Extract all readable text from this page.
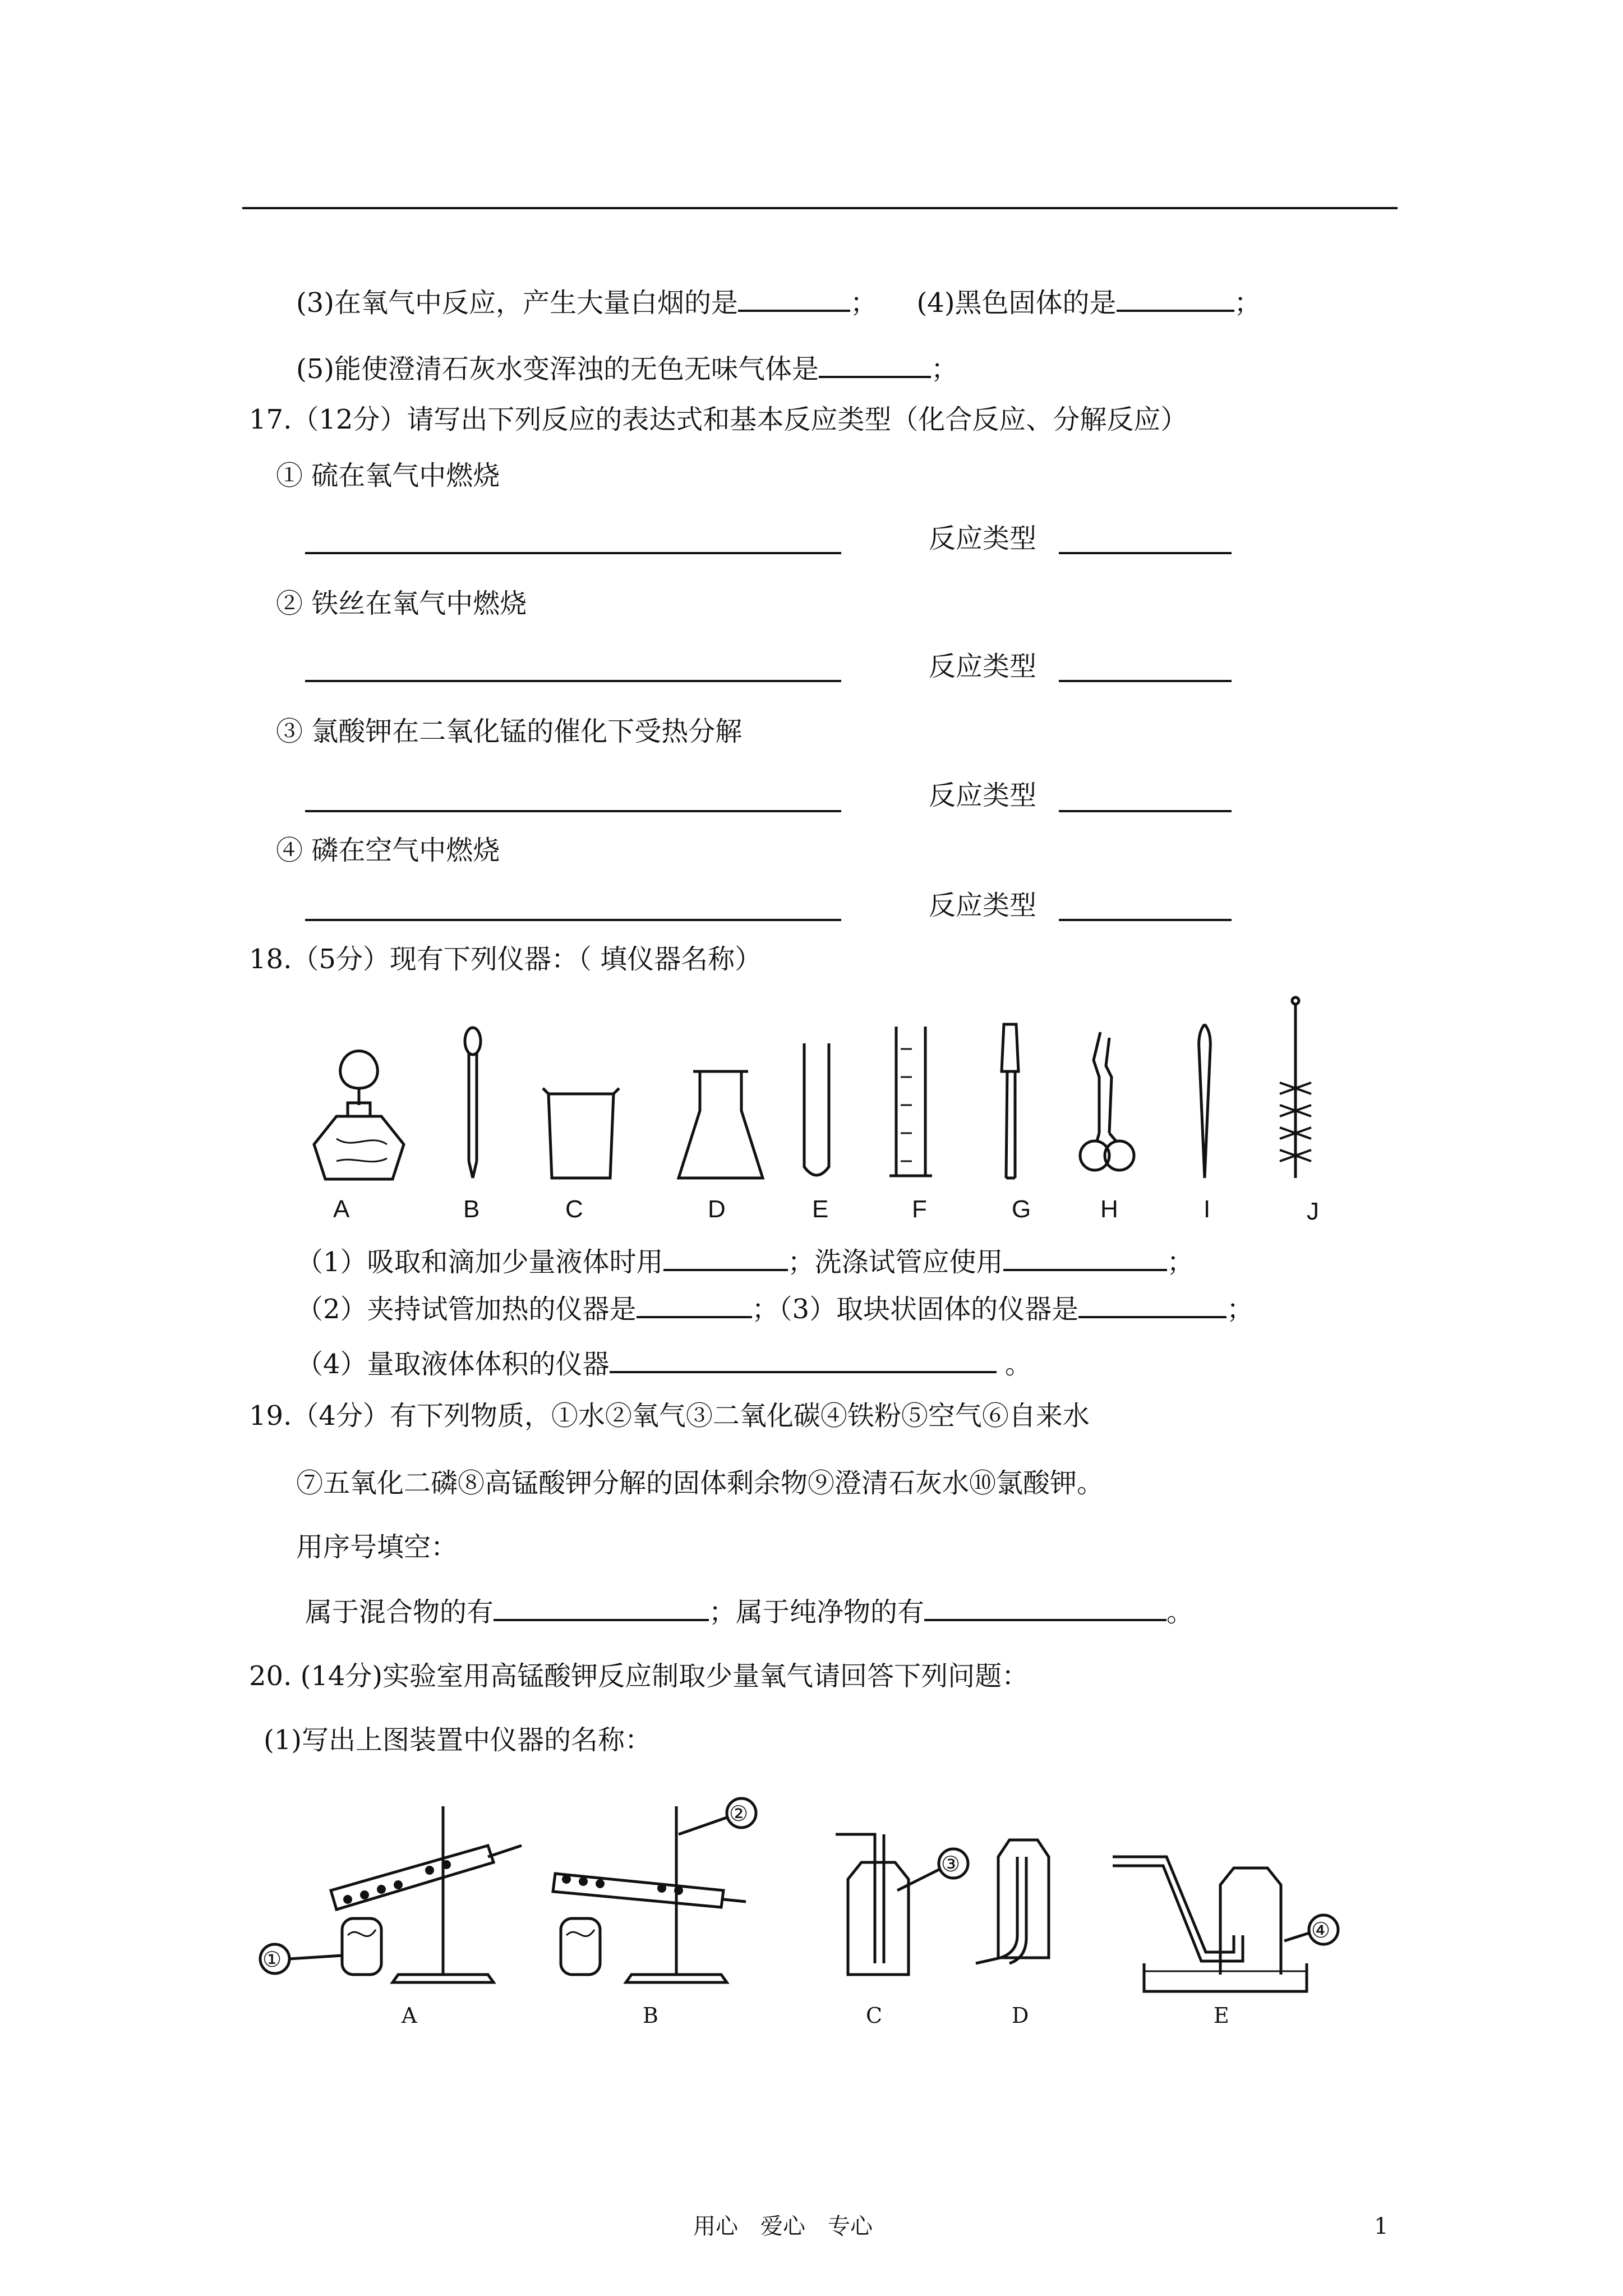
(3)在氧气中反应，产生大量白烟的是	； (4)黑色固体的是	；
(5)能使澄清石灰水变浑浊的无色无味气体是	；
17.（12分）请写出下列反应的表达式和基本反应类型（化合反应、分解反应）
① 硫在氧气中燃烧
反应类型
② 铁丝在氧气中燃烧
反应类型
③ 氯酸钾在二氧化锰的催化下受热分解
反应类型
④ 磷在空气中燃烧
反应类型
18.（5分）现有下列仪器：（ 填仪器名称）
A	B	C	D	E	F	G	H	I	J
（1）吸取和滴加少量液体时用	；洗涤试管应使用	；
（2）夹持试管加热的仪器是	；（3）取块状固体的仪器是	；
（4）量取液体体积的仪器	。
19.（4分）有下列物质，①水②氧气③二氧化碳④铁粉⑤空气⑥自来水
⑦五氧化二磷⑧高锰酸钾分解的固体剩余物⑨澄清石灰水⑩氯酸钾。
用序号填空：
属于混合物的有	；属于纯净物的有	。
20. (14分)实验室用高锰酸钾反应制取少量氧气请回答下列问题：
(1)写出上图装置中仪器的名称：
A	B	C	D	E
①
②
③
④
用心　爱心　专心	1
